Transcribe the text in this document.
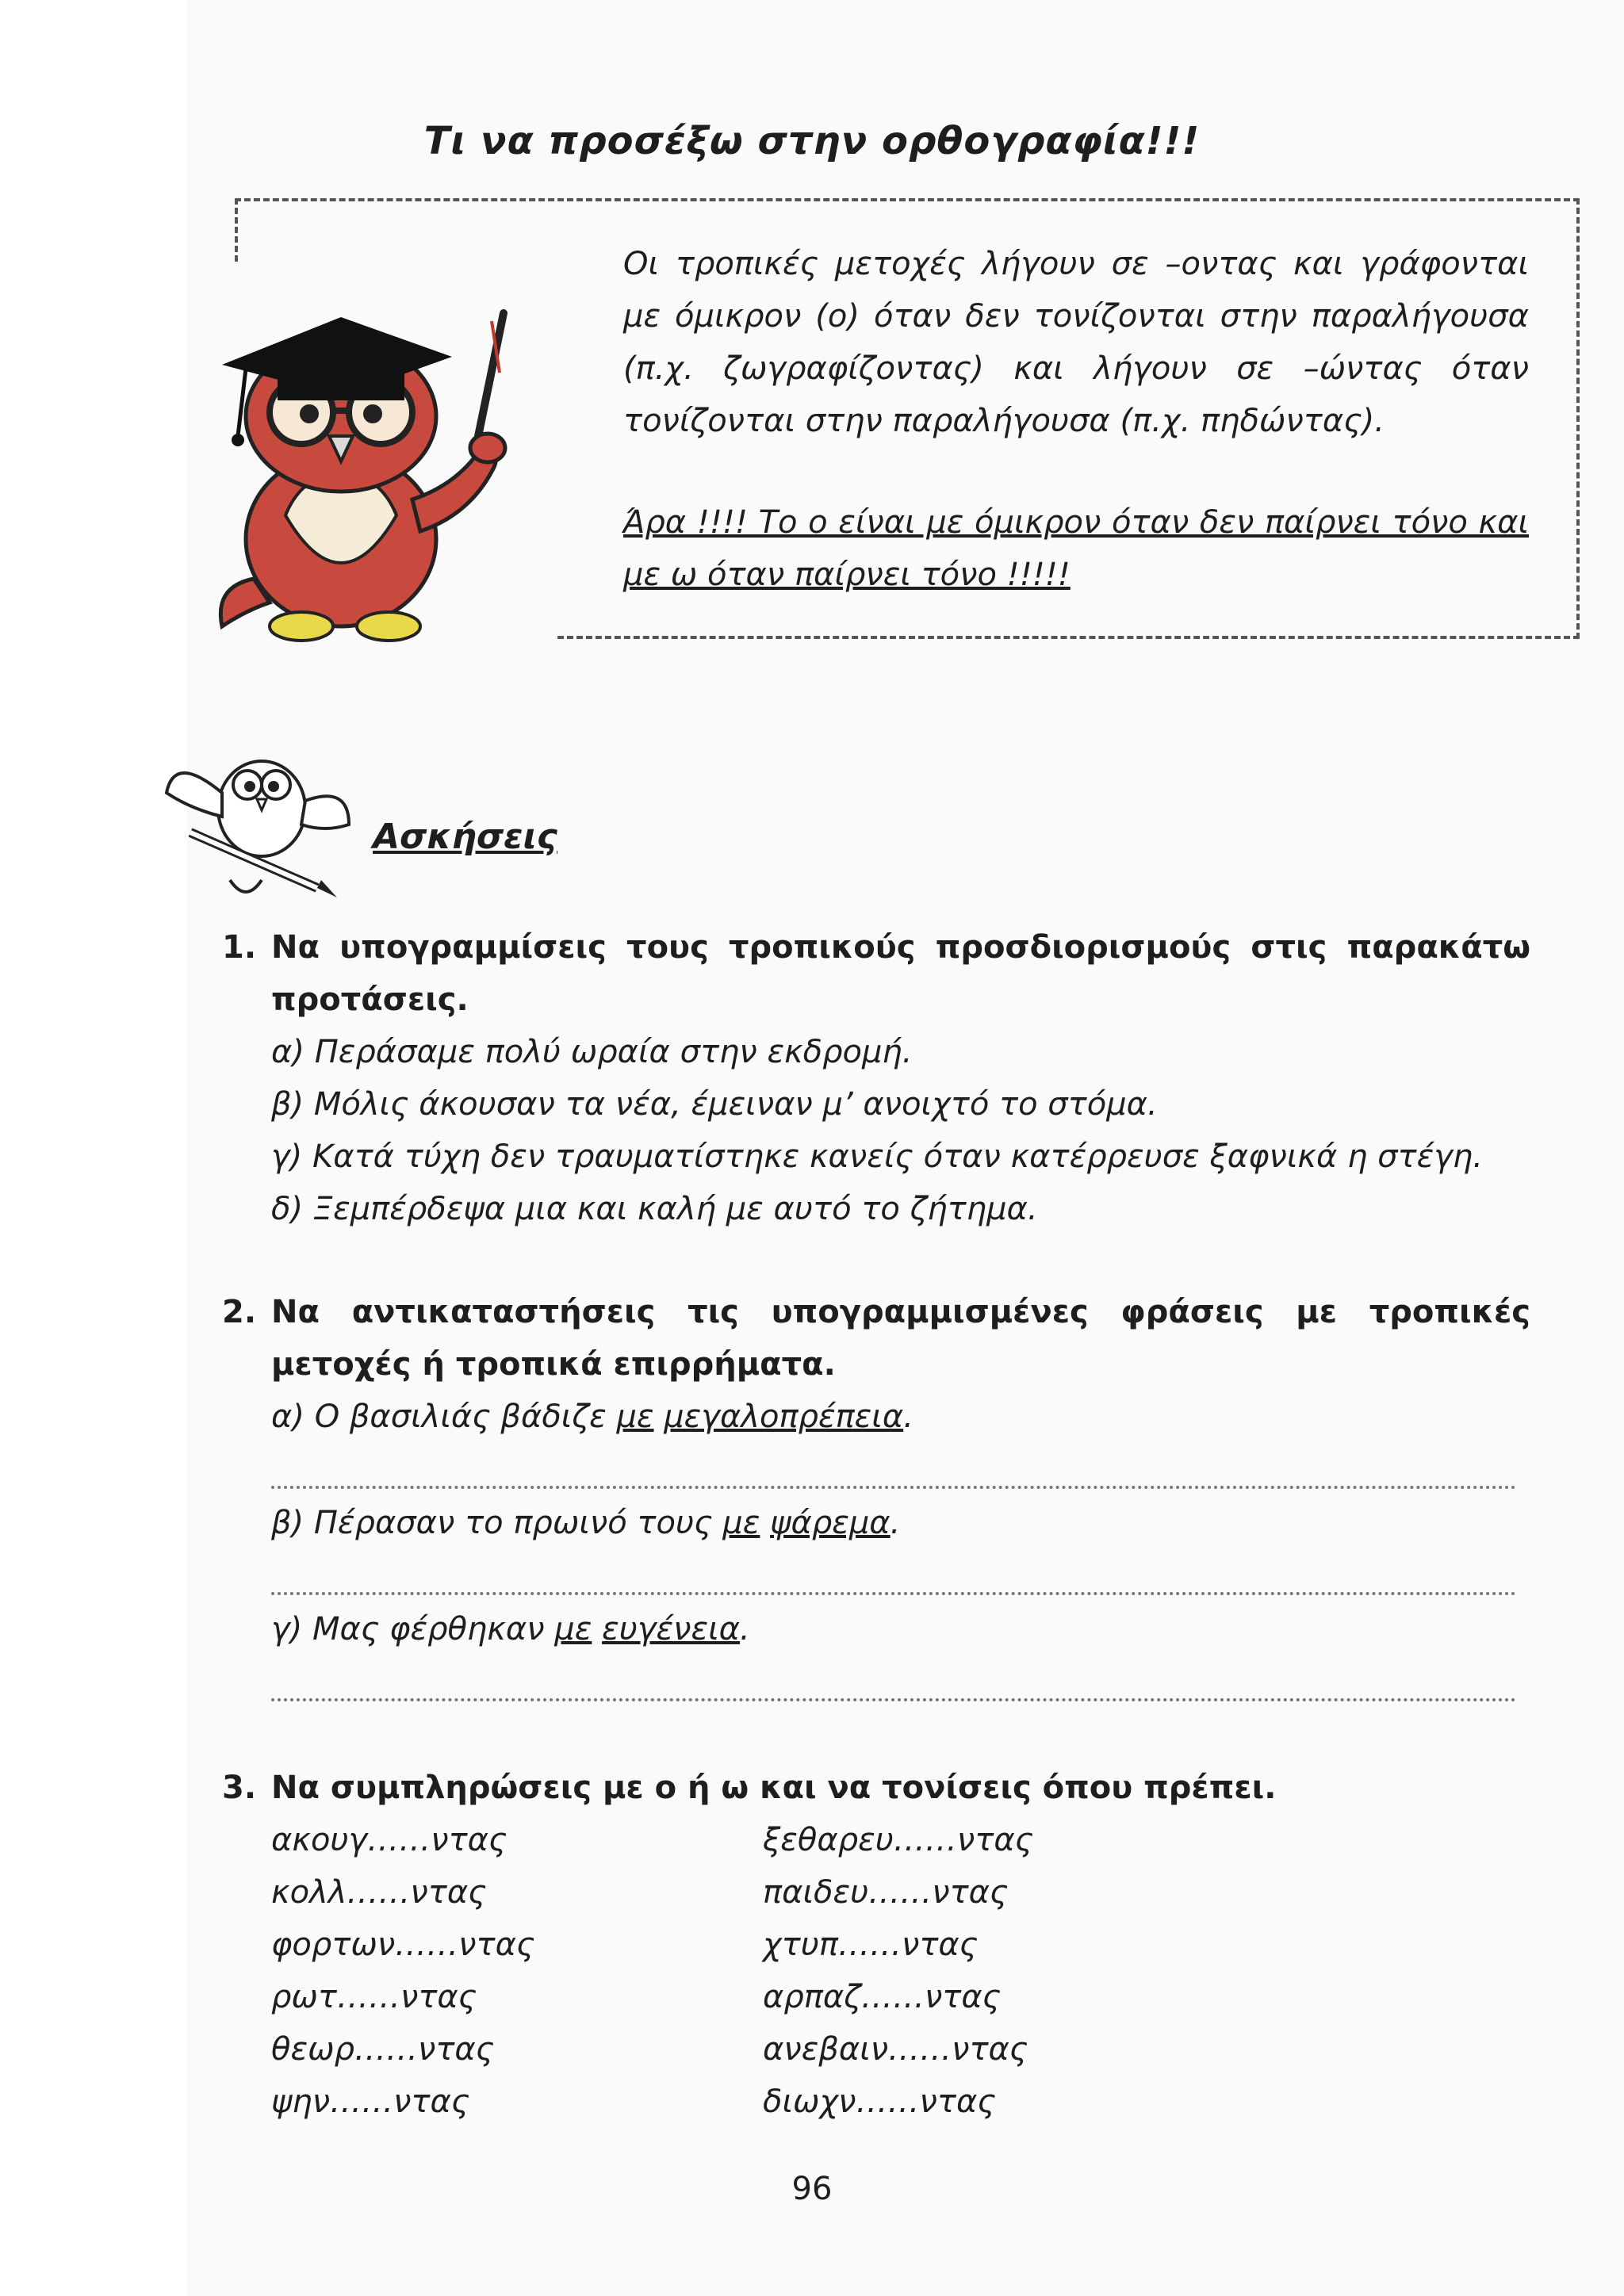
Τι να προσέξω στην ορθογραφία!!!
Οι τροπικές μετοχές λήγουν σε –οντας και γράφονται με όμικρον (ο) όταν δεν τονίζονται στην παραλήγουσα (π.χ. ζωγραφίζοντας) και λήγουν σε –ώντας όταν τονίζονται στην παραλήγουσα (π.χ. πηδώντας).
Άρα !!!! Το ο είναι με όμικρον όταν δεν παίρνει τόνο και με ω όταν παίρνει τόνο !!!!!
Ασκήσεις
1. Να υπογραμμίσεις τους τροπικούς προσδιορισμούς στις παρακάτω προτάσεις.
α) Περάσαμε πολύ ωραία στην εκδρομή.
β) Μόλις άκουσαν τα νέα, έμειναν μ’ ανοιχτό το στόμα.
γ) Κατά τύχη δεν τραυματίστηκε κανείς όταν κατέρρευσε ξαφνικά η στέγη.
δ) Ξεμπέρδεψα μια και καλή με αυτό το ζήτημα.
2. Να αντικαταστήσεις τις υπογραμμισμένες φράσεις με τροπικές μετοχές ή τροπικά επιρρήματα.
α) Ο βασιλιάς βάδιζε με μεγαλοπρέπεια.
β) Πέρασαν το πρωινό τους με ψάρεμα.
γ) Μας φέρθηκαν με ευγένεια.
3. Να συμπληρώσεις με ο ή ω και να τονίσεις όπου πρέπει.
ακουγ……ντας
κολλ……ντας
φορτων……ντας
ρωτ……ντας
θεωρ……ντας
ψην……ντας
ξεθαρευ……ντας
παιδευ……ντας
χτυπ……ντας
αρπαζ……ντας
ανεβαιν……ντας
διωχν……ντας
96
